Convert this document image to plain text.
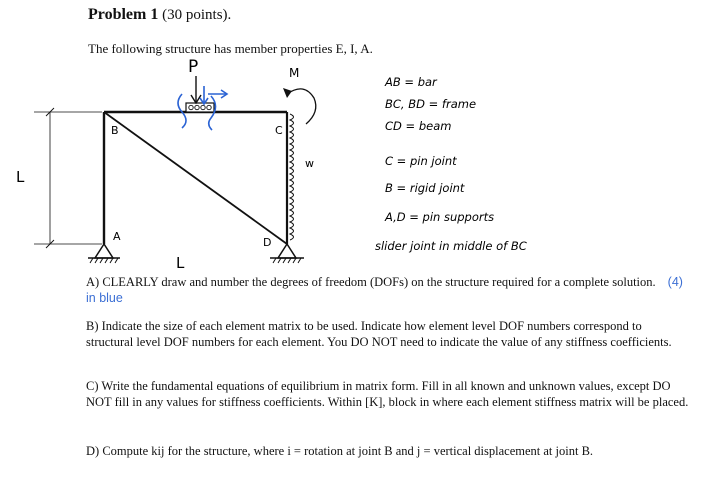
Problem 1 (30 points).
The following structure has member properties E, I, A.
L
L
B	C
A	D
P	M
w
AB = bar
BC, BD = frame
CD = beam
C = pin joint
B = rigid joint
A,D = pin supports
slider joint in middle of BC
A) CLEARLY draw and number the degrees of freedom (DOFs) on the structure required for a complete solution. (4) in blue
B) Indicate the size of each element matrix to be used. Indicate how element level DOF numbers correspond to structural level DOF numbers for each element. You DO NOT need to indicate the value of any stiffness coefficients.
C) Write the fundamental equations of equilibrium in matrix form. Fill in all known and unknown values, except DO NOT fill in any values for stiffness coefficients. Within [K], block in where each element stiffness matrix will be placed.
D) Compute kij for the structure, where i = rotation at joint B and j = vertical displacement at joint B.
